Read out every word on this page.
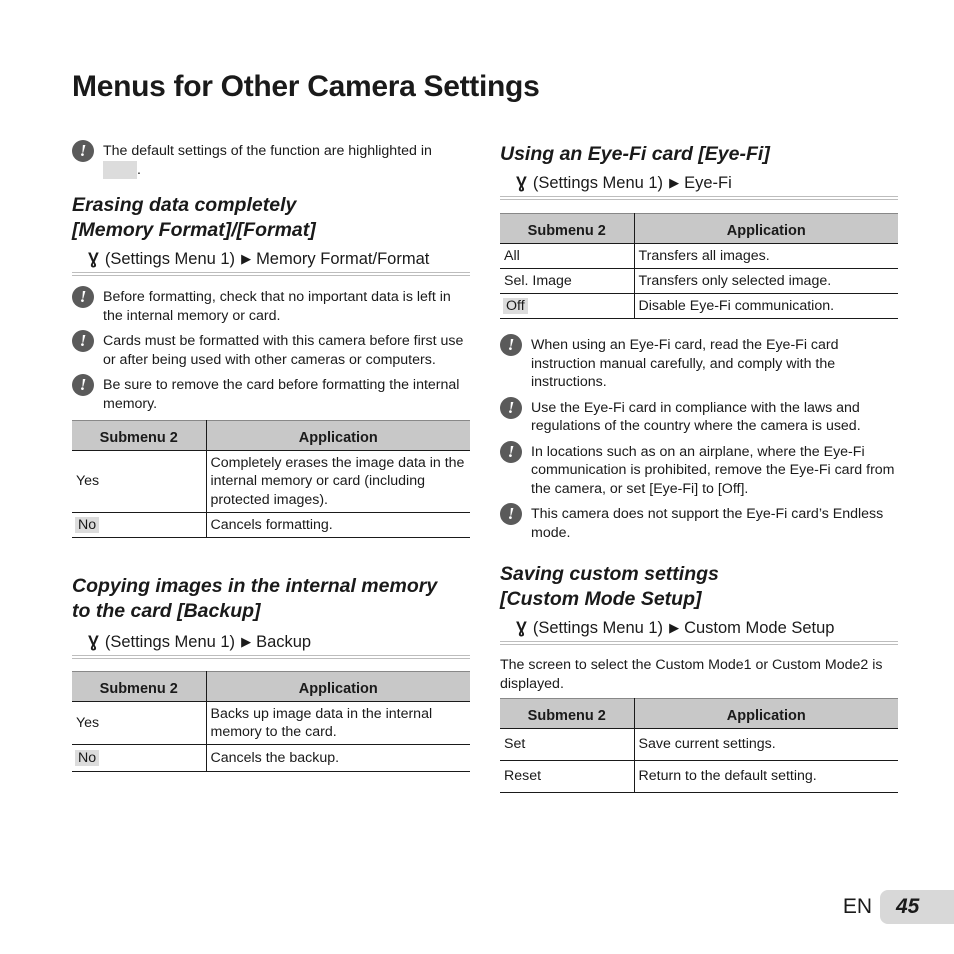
Menus for Other Camera Settings
!	The default settings of the function are highlighted in
.
Erasing data completely
[Memory Format]/[Format]
Ɣ (Settings Menu 1) ▶ Memory Format/Format
!	Before formatting, check that no important data is left in the internal memory or card.
!	Cards must be formatted with this camera before first use or after being used with other cameras or computers.
!	Be sure to remove the card before formatting the internal memory.
Submenu 2	Application
Yes	Completely erases the image data in the internal memory or card (including protected images).
No	Cancels formatting.
Copying images in the internal memory
to the card [Backup]
Ɣ (Settings Menu 1) ▶ Backup
Submenu 2	Application
Yes	Backs up image data in the internal memory to the card.
No	Cancels the backup.
Using an Eye-Fi card [Eye-Fi]
Ɣ (Settings Menu 1) ▶ Eye-Fi
Submenu 2	Application
All	Transfers all images.
Sel. Image	Transfers only selected image.
Off	Disable Eye-Fi communication.
!	When using an Eye-Fi card, read the Eye-Fi card instruction manual carefully, and comply with the instructions.
!	Use the Eye-Fi card in compliance with the laws and regulations of the country where the camera is used.
!	In locations such as on an airplane, where the Eye-Fi communication is prohibited, remove the Eye-Fi card from the camera, or set [Eye-Fi] to [Off].
!	This camera does not support the Eye-Fi card’s Endless mode.
Saving custom settings
[Custom Mode Setup]
Ɣ (Settings Menu 1) ▶ Custom Mode Setup

The screen to select the Custom Mode1 or Custom Mode2 is displayed.

Submenu 2	Application
Set	Save current settings.
Reset	Return to the default setting.
EN	45
